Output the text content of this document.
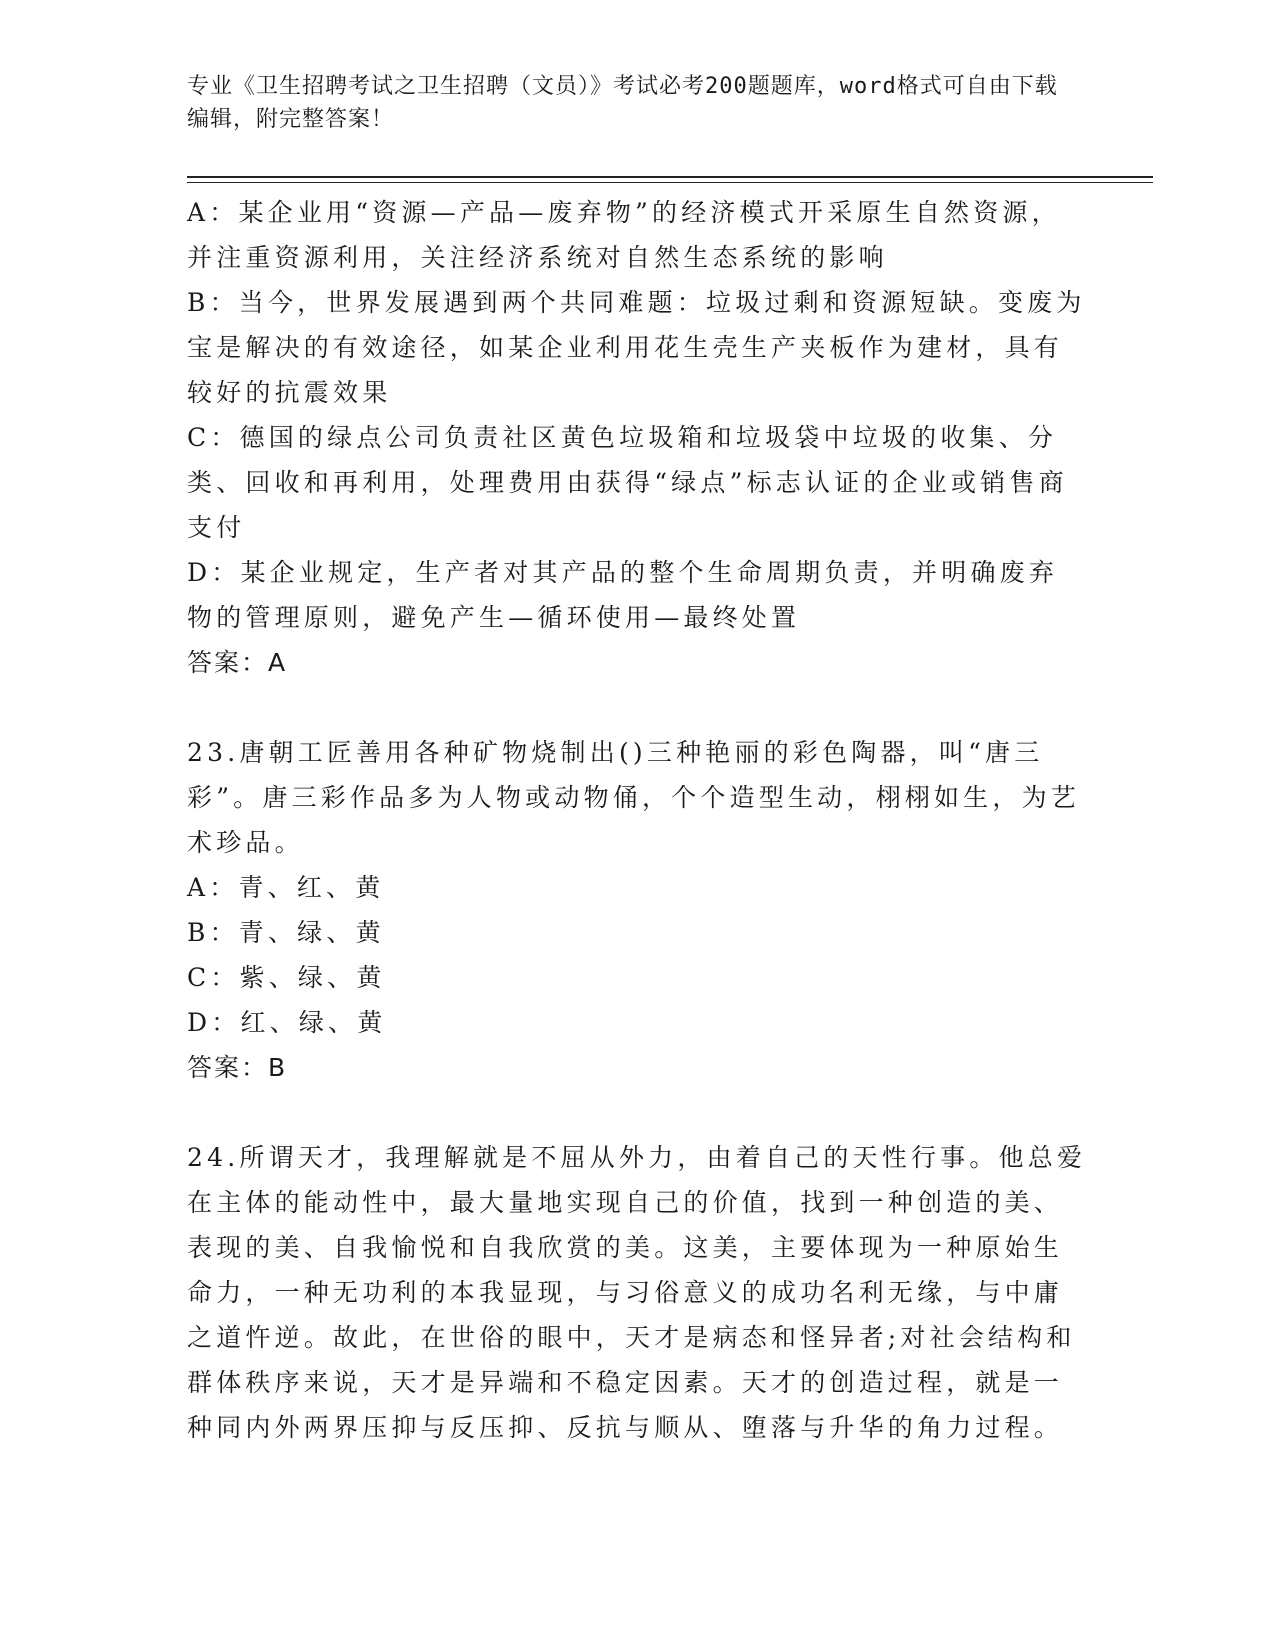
专业《卫生招聘考试之卫生招聘（文员）》考试必考200题题库，word格式可自由下载编辑，附完整答案！

A：某企业用“资源—产品—废弃物”的经济模式开采原生自然资源，并注重资源利用，关注经济系统对自然生态系统的影响

B：当今，世界发展遇到两个共同难题：垃圾过剩和资源短缺。变废为宝是解决的有效途径，如某企业利用花生壳生产夹板作为建材，具有较好的抗震效果

C：德国的绿点公司负责社区黄色垃圾箱和垃圾袋中垃圾的收集、分类、回收和再利用，处理费用由获得“绿点”标志认证的企业或销售商支付

D：某企业规定，生产者对其产品的整个生命周期负责，并明确废弃物的管理原则，避免产生—循环使用—最终处置

答案：A

23.唐朝工匠善用各种矿物烧制出()三种艳丽的彩色陶器，叫“唐三彩”。唐三彩作品多为人物或动物俑，个个造型生动，栩栩如生，为艺术珍品。

A：青、红、黄

B：青、绿、黄

C：紫、绿、黄

D：红、绿、黄

答案：B

24.所谓天才，我理解就是不屈从外力，由着自己的天性行事。他总爱在主体的能动性中，最大量地实现自己的价值，找到一种创造的美、表现的美、自我愉悦和自我欣赏的美。这美，主要体现为一种原始生命力，一种无功利的本我显现，与习俗意义的成功名利无缘，与中庸之道忤逆。故此，在世俗的眼中，天才是病态和怪异者;对社会结构和群体秩序来说，天才是异端和不稳定因素。天才的创造过程，就是一种同内外两界压抑与反压抑、反抗与顺从、堕落与升华的角力过程。
